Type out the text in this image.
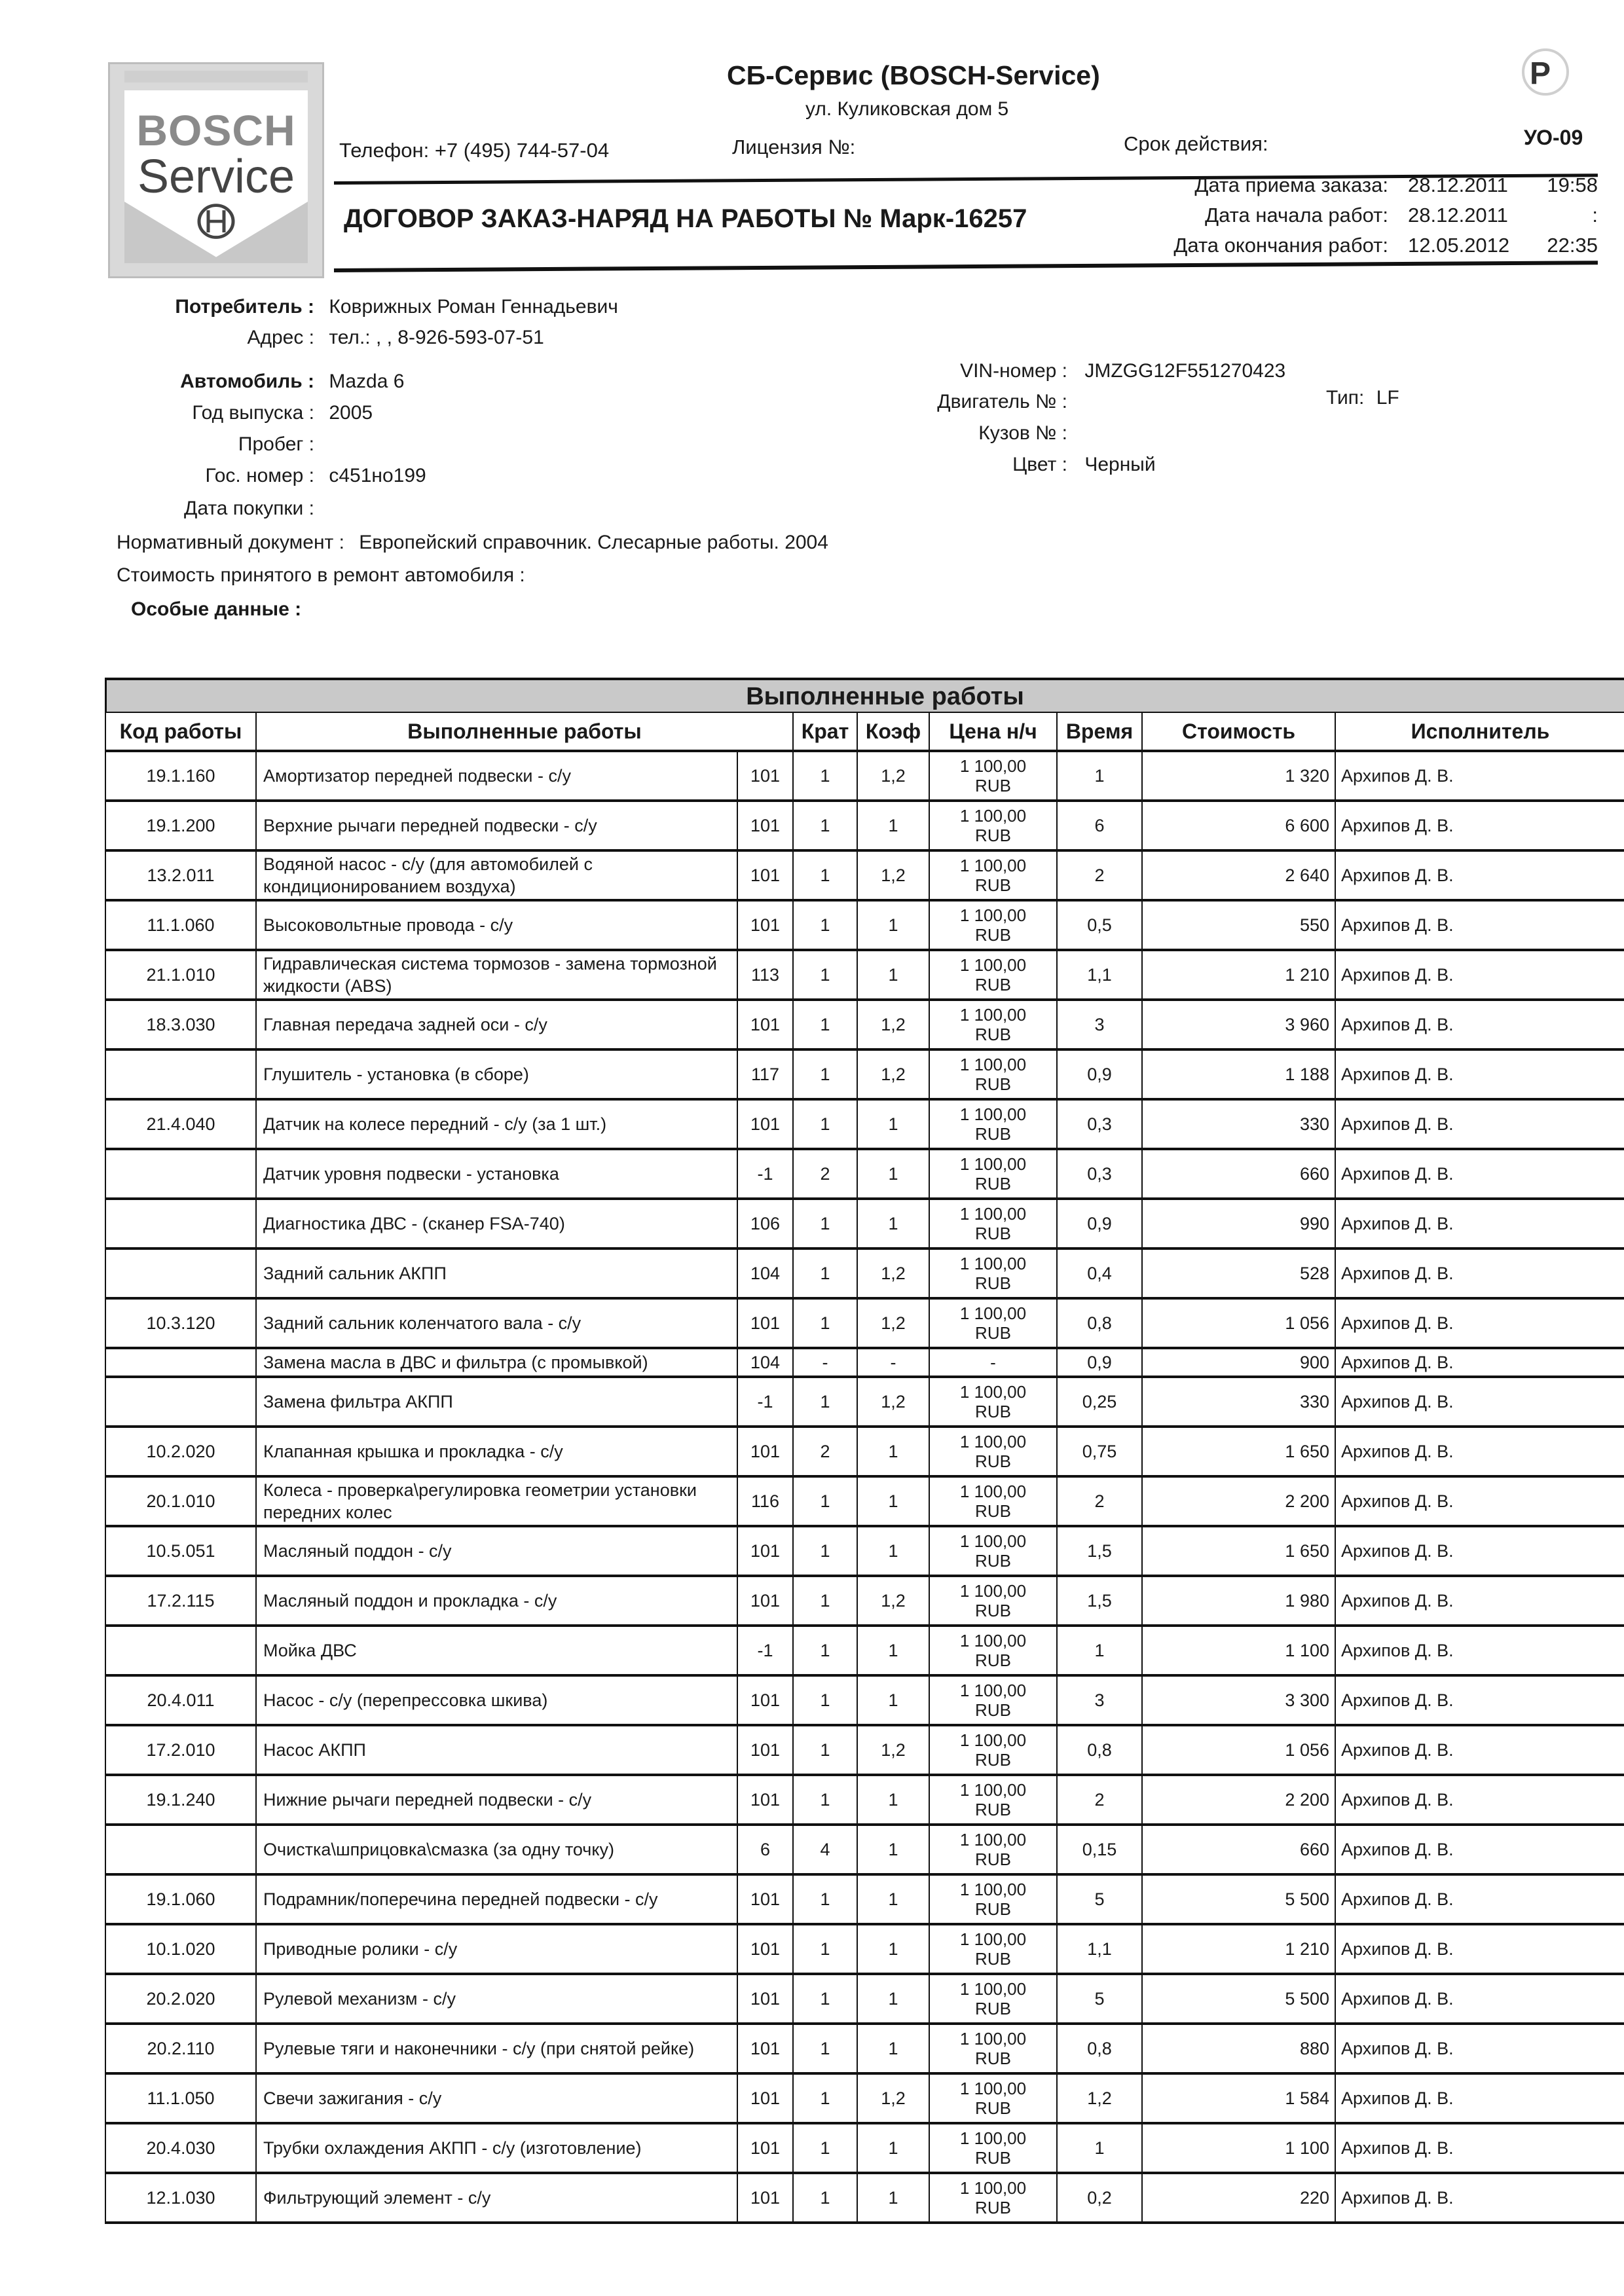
BOSCH
Service
СБ-Сервис (BOSCH-Service)
ул. Куликовская дом 5
Телефон: +7 (495) 744-57-04	Лицензия №:	Срок действия:
Р
УО-09
ДОГОВОР ЗАКАЗ-НАРЯД НА РАБОТЫ № Марк-16257
Дата приема заказа: 28.12.2011	19:58
Дата начала работ: 28.12.2011	:
Дата окончания работ: 12.05.2012	22:35
Потребитель : Коврижных Роман Геннадьевич
Адрес : тел.: , , 8-926-593-07-51
Автомобиль : Mazda 6
Год выпуска : 2005
Пробег :
Гос. номер : с451но199
Дата покупки :
VIN-номер : JMZGG12F551270423
Двигатель № :	Тип: LF
Кузов № :
Цвет : Черный
Нормативный документ : Европейский справочник. Слесарные работы. 2004
Стоимость принятого в ремонт автомобиля :
Особые данные :
Выполненные работы
Код работы	Выполненные работы		Крат	Коэф	Цена н/ч	Время	Стоимость	Исполнитель
19.1.160	Амортизатор передней подвески - с/у	101	1	1,2	1 100,00
RUB	1	1 320	Архипов Д. В.
19.1.200	Верхние рычаги передней подвески - с/у	101	1	1	1 100,00
RUB	6	6 600	Архипов Д. В.
13.2.011	Водяной насос - с/у (для автомобилей с кондиционированием воздуха)	101	1	1,2	1 100,00
RUB	2	2 640	Архипов Д. В.
11.1.060	Высоковольтные провода - с/у	101	1	1	1 100,00
RUB	0,5	550	Архипов Д. В.
21.1.010	Гидравлическая система тормозов - замена тормозной жидкости (ABS)	113	1	1	1 100,00
RUB	1,1	1 210	Архипов Д. В.
18.3.030	Главная передача задней оси - с/у	101	1	1,2	1 100,00
RUB	3	3 960	Архипов Д. В.
	Глушитель - установка (в сборе)	117	1	1,2	1 100,00
RUB	0,9	1 188	Архипов Д. В.
21.4.040	Датчик на колесе передний - с/у (за 1 шт.)	101	1	1	1 100,00
RUB	0,3	330	Архипов Д. В.
	Датчик уровня подвески - установка	-1	2	1	1 100,00
RUB	0,3	660	Архипов Д. В.
	Диагностика ДВС - (сканер FSA-740)	106	1	1	1 100,00
RUB	0,9	990	Архипов Д. В.
	Задний сальник АКПП	104	1	1,2	1 100,00
RUB	0,4	528	Архипов Д. В.
10.3.120	Задний сальник коленчатого вала - с/у	101	1	1,2	1 100,00
RUB	0,8	1 056	Архипов Д. В.
	Замена масла в ДВС и фильтра (с промывкой)	104	-	-	-	0,9	900	Архипов Д. В.
	Замена фильтра АКПП	-1	1	1,2	1 100,00
RUB	0,25	330	Архипов Д. В.
10.2.020	Клапанная крышка и прокладка - с/у	101	2	1	1 100,00
RUB	0,75	1 650	Архипов Д. В.
20.1.010	Колеса - проверка\регулировка геометрии установки передних колес	116	1	1	1 100,00
RUB	2	2 200	Архипов Д. В.
10.5.051	Масляный поддон - с/у	101	1	1	1 100,00
RUB	1,5	1 650	Архипов Д. В.
17.2.115	Масляный поддон и прокладка - с/у	101	1	1,2	1 100,00
RUB	1,5	1 980	Архипов Д. В.
	Мойка ДВС	-1	1	1	1 100,00
RUB	1	1 100	Архипов Д. В.
20.4.011	Насос - с/у (перепрессовка шкива)	101	1	1	1 100,00
RUB	3	3 300	Архипов Д. В.
17.2.010	Насос АКПП	101	1	1,2	1 100,00
RUB	0,8	1 056	Архипов Д. В.
19.1.240	Нижние рычаги передней подвески - с/у	101	1	1	1 100,00
RUB	2	2 200	Архипов Д. В.
	Очистка\шприцовка\смазка (за одну точку)	6	4	1	1 100,00
RUB	0,15	660	Архипов Д. В.
19.1.060	Подрамник/поперечина передней подвески - с/у	101	1	1	1 100,00
RUB	5	5 500	Архипов Д. В.
10.1.020	Приводные ролики - с/у	101	1	1	1 100,00
RUB	1,1	1 210	Архипов Д. В.
20.2.020	Рулевой механизм - с/у	101	1	1	1 100,00
RUB	5	5 500	Архипов Д. В.
20.2.110	Рулевые тяги и наконечники - с/у (при снятой рейке)	101	1	1	1 100,00
RUB	0,8	880	Архипов Д. В.
11.1.050	Свечи зажигания - с/у	101	1	1,2	1 100,00
RUB	1,2	1 584	Архипов Д. В.
20.4.030	Трубки охлаждения АКПП - с/у (изготовление)	101	1	1	1 100,00
RUB	1	1 100	Архипов Д. В.
12.1.030	Фильтрующий элемент - с/у	101	1	1	1 100,00
RUB	0,2	220	Архипов Д. В.
